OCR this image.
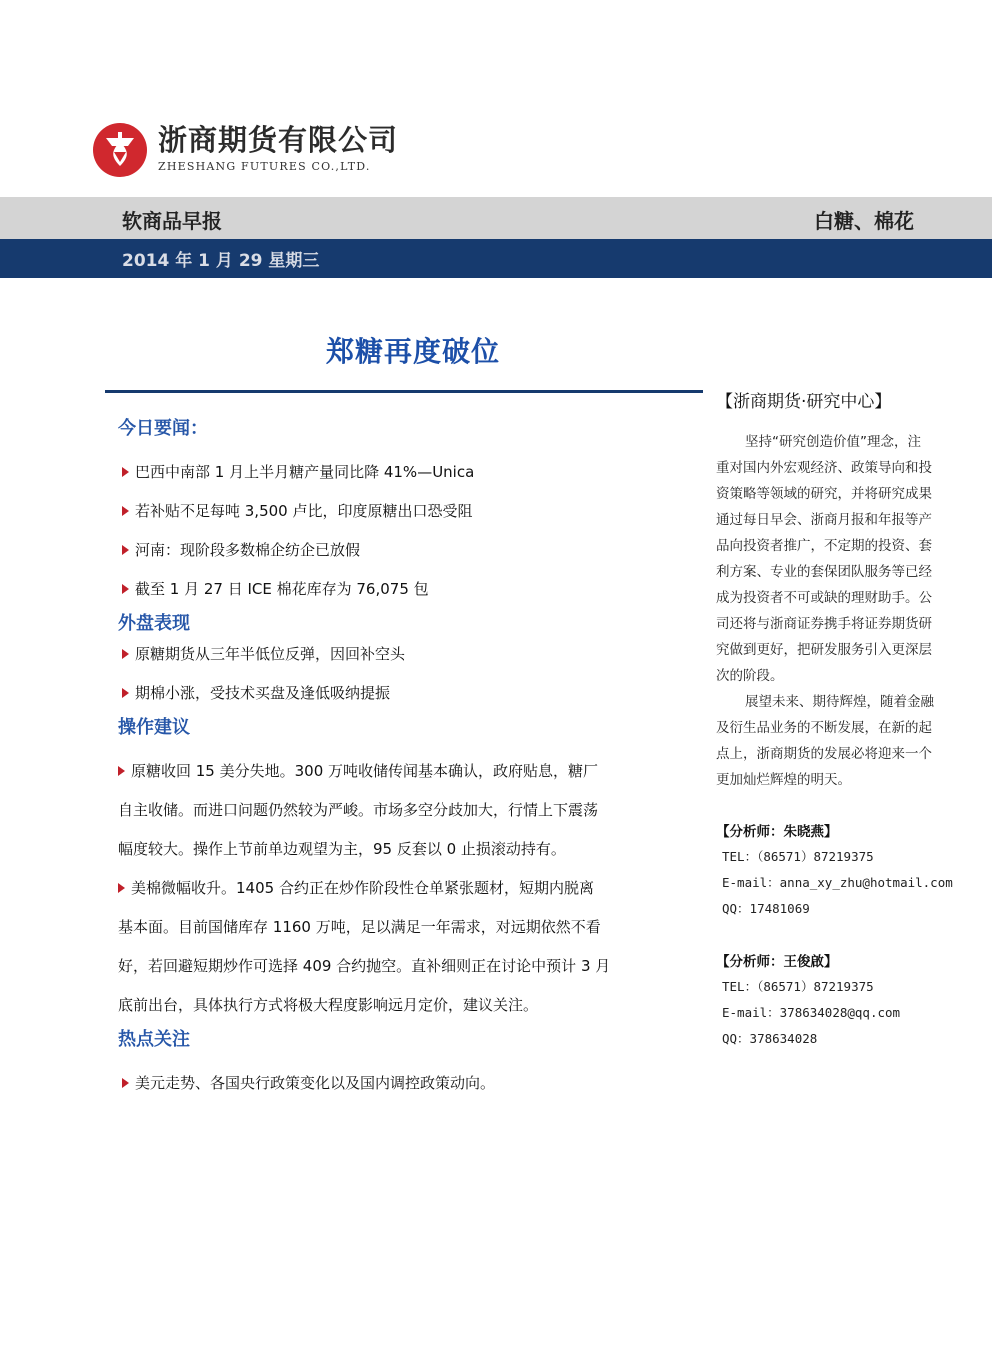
浙商期货有限公司
ZHESHANG FUTURES CO.,LTD.
软商品早报	白糖、棉花
2014 年 1 月 29 星期三
郑糖再度破位
今日要闻：
巴西中南部 1 月上半月糖产量同比降 41%—Unica
若补贴不足每吨 3,500 卢比，印度原糖出口恐受阻
河南：现阶段多数棉企纺企已放假
截至 1 月 27 日 ICE 棉花库存为 76,075 包
外盘表现
原糖期货从三年半低位反弹，因回补空头
期棉小涨，受技术买盘及逢低吸纳提振
操作建议
原糖收回 15 美分失地。300 万吨收储传闻基本确认，政府贴息，糖厂
自主收储。而进口问题仍然较为严峻。市场多空分歧加大，行情上下震荡
幅度较大。操作上节前单边观望为主，95 反套以 0 止损滚动持有。
美棉微幅收升。1405 合约正在炒作阶段性仓单紧张题材，短期内脱离
基本面。目前国储库存 1160 万吨，足以满足一年需求，对远期依然不看
好，若回避短期炒作可选择 409 合约抛空。直补细则正在讨论中预计 3 月
底前出台，具体执行方式将极大程度影响远月定价，建议关注。
热点关注
美元走势、各国央行政策变化以及国内调控政策动向。
【浙商期货·研究中心】
坚持“研究创造价值”理念，注
重对国内外宏观经济、政策导向和投
资策略等领域的研究，并将研究成果
通过每日早会、浙商月报和年报等产
品向投资者推广，不定期的投资、套
利方案、专业的套保团队服务等已经
成为投资者不可或缺的理财助手。公
司还将与浙商证券携手将证券期货研
究做到更好，把研发服务引入更深层
次的阶段。
展望未来、期待辉煌，随着金融
及衍生品业务的不断发展，在新的起
点上，浙商期货的发展必将迎来一个
更加灿烂辉煌的明天。
【分析师：朱晓燕】
TEL：（86571）87219375
E-mail：anna_xy_zhu@hotmail.com
QQ：17481069
【分析师：王俊啟】
TEL：（86571）87219375
E-mail：378634028@qq.com
QQ：378634028
